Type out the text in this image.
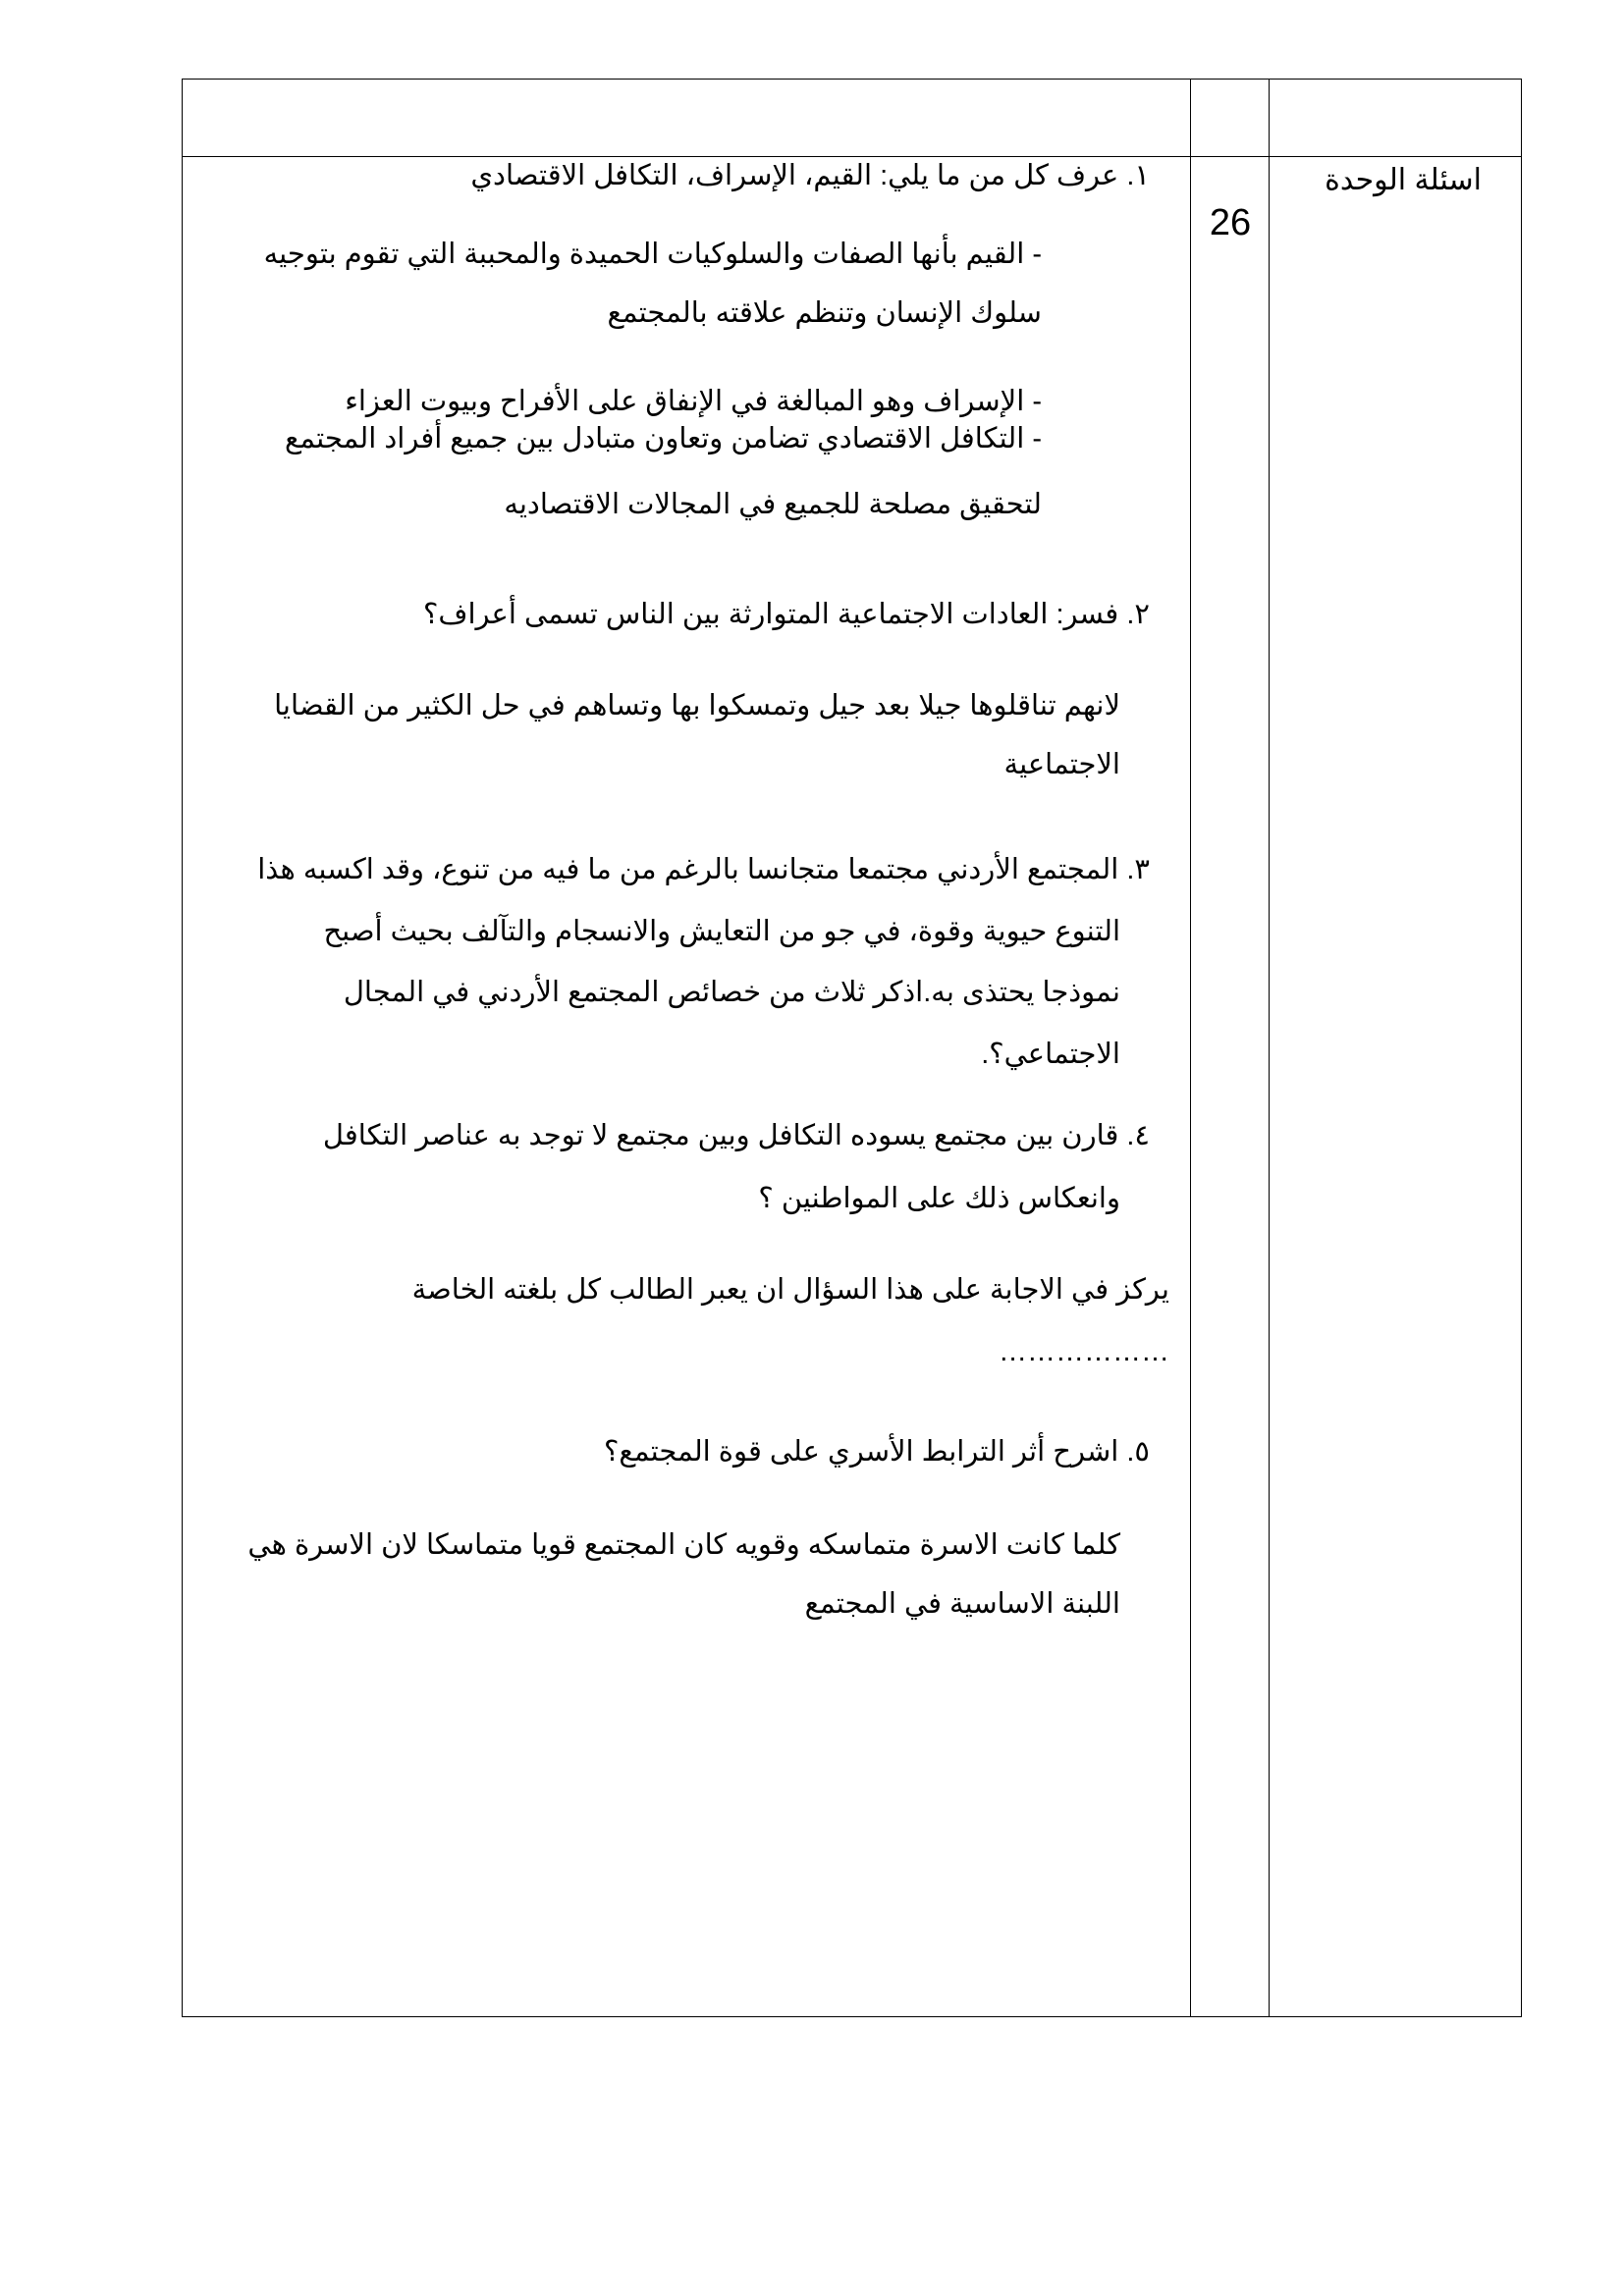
اسئلة الوحدة
26
١. عرف كل من ما يلي: القيم، الإسراف، التكافل الاقتصادي
- القيم بأنها الصفات والسلوكيات الحميدة والمحببة التي تقوم بتوجيه
سلوك الإنسان وتنظم علاقته بالمجتمع
- الإسراف وهو المبالغة في الإنفاق على الأفراح وبيوت العزاء
- التكافل الاقتصادي تضامن وتعاون متبادل بين جميع أفراد المجتمع
لتحقيق مصلحة للجميع في المجالات الاقتصاديه
٢. فسر: العادات الاجتماعية المتوارثة بين الناس تسمى أعراف؟
لانهم تناقلوها جيلا بعد جيل وتمسكوا بها وتساهم في حل الكثير من القضايا
الاجتماعية
٣. المجتمع الأردني مجتمعا متجانسا بالرغم من ما فيه من تنوع، وقد اكسبه هذا
التنوع حيوية وقوة، في جو من التعايش والانسجام والتآلف بحيث أصبح
نموذجا يحتذى به.اذكر ثلاث من خصائص المجتمع الأردني في المجال
الاجتماعي؟.
٤. قارن بين مجتمع يسوده التكافل وبين مجتمع لا توجد به عناصر التكافل
وانعكاس ذلك على المواطنين ؟
يركز في الاجابة على هذا السؤال ان يعبر الطالب كل بلغته الخاصة
………………
٥. اشرح أثر الترابط الأسري على قوة المجتمع؟
كلما كانت الاسرة متماسكه وقويه كان المجتمع قويا متماسكا لان الاسرة هي
اللبنة الاساسية في المجتمع
